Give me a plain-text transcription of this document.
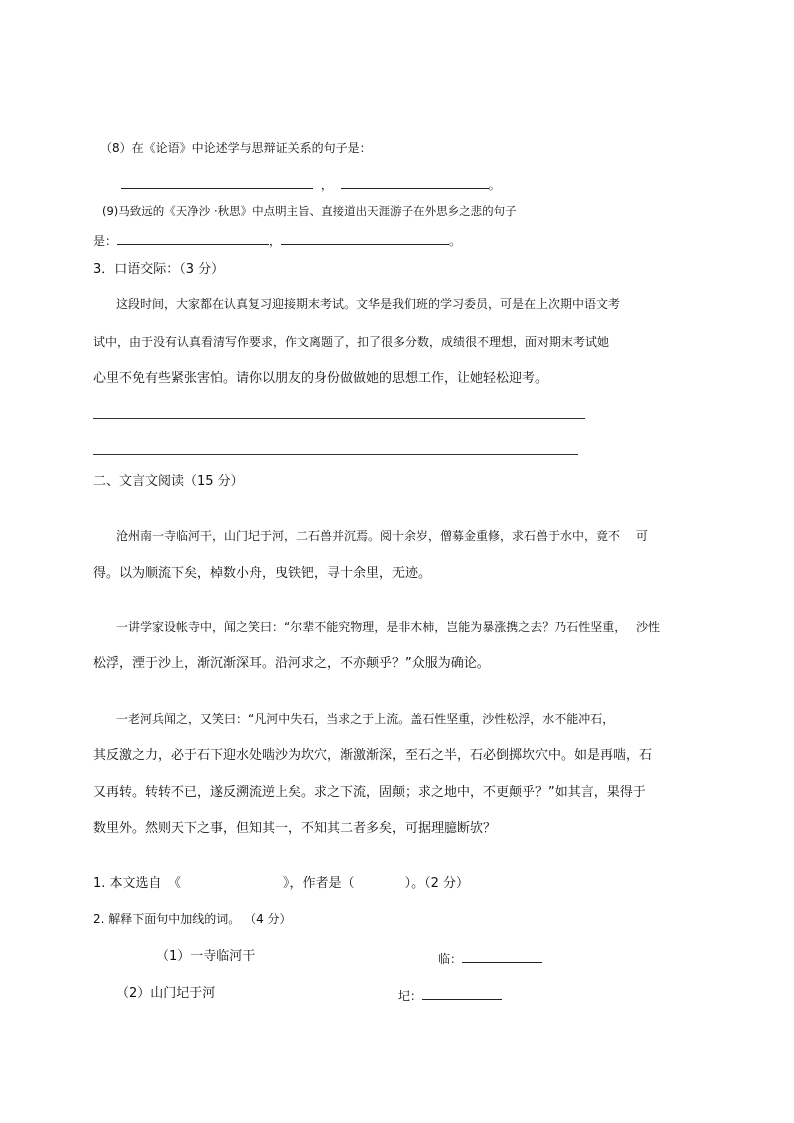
（8）在《论语》中论述学与思辩证关系的句子是：
，	。
(9)马致远的《天净沙 ·秋思》中点明主旨、直接道出天涯游子在外思乡之悲的句子
是：	，	。
3．口语交际：（3 分）
这段时间，大家都在认真复习迎接期末考试。文华是我们班的学习委员，可是在上次期中语文考
试中，由于没有认真看清写作要求，作文离题了，扣了很多分数，成绩很不理想，面对期末考试她
心里不免有些紧张害怕。请你以朋友的身份做做她的思想工作，让她轻松迎考。
二、文言文阅读（15 分）
沧州南一寺临河干，山门圮于河，二石兽并沉焉。阅十余岁，僧募金重修，求石兽于水中，竟不　 可
得。以为顺流下矣，棹数小舟，曳铁钯，寻十余里，无迹。
一讲学家设帐寺中，闻之笑曰：“尔辈不能究物理，是非木柿，岂能为暴涨携之去？乃石性坚重，　 沙性
松浮，湮于沙上，渐沉渐深耳。沿河求之，不亦颠乎？”众服为确论。
一老河兵闻之，又笑曰：“凡河中失石，当求之于上流。盖石性坚重，沙性松浮，水不能冲石，
其反激之力，必于石下迎水处啮沙为坎穴，渐激渐深，至石之半，石必倒掷坎穴中。如是再啮，石
又再转。转转不已，遂反溯流逆上矣。求之下流，固颠；求之地中，不更颠乎？”如其言，果得于
数里外。然则天下之事，但知其一，不知其二者多矣，可据理臆断欤？
1. 本文选自　《	》，作者是（	）。（2 分）
2. 解释下面句中加线的词。 （4 分）
（1）一寺临河干	临：
（2）山门圮于河	圮：
